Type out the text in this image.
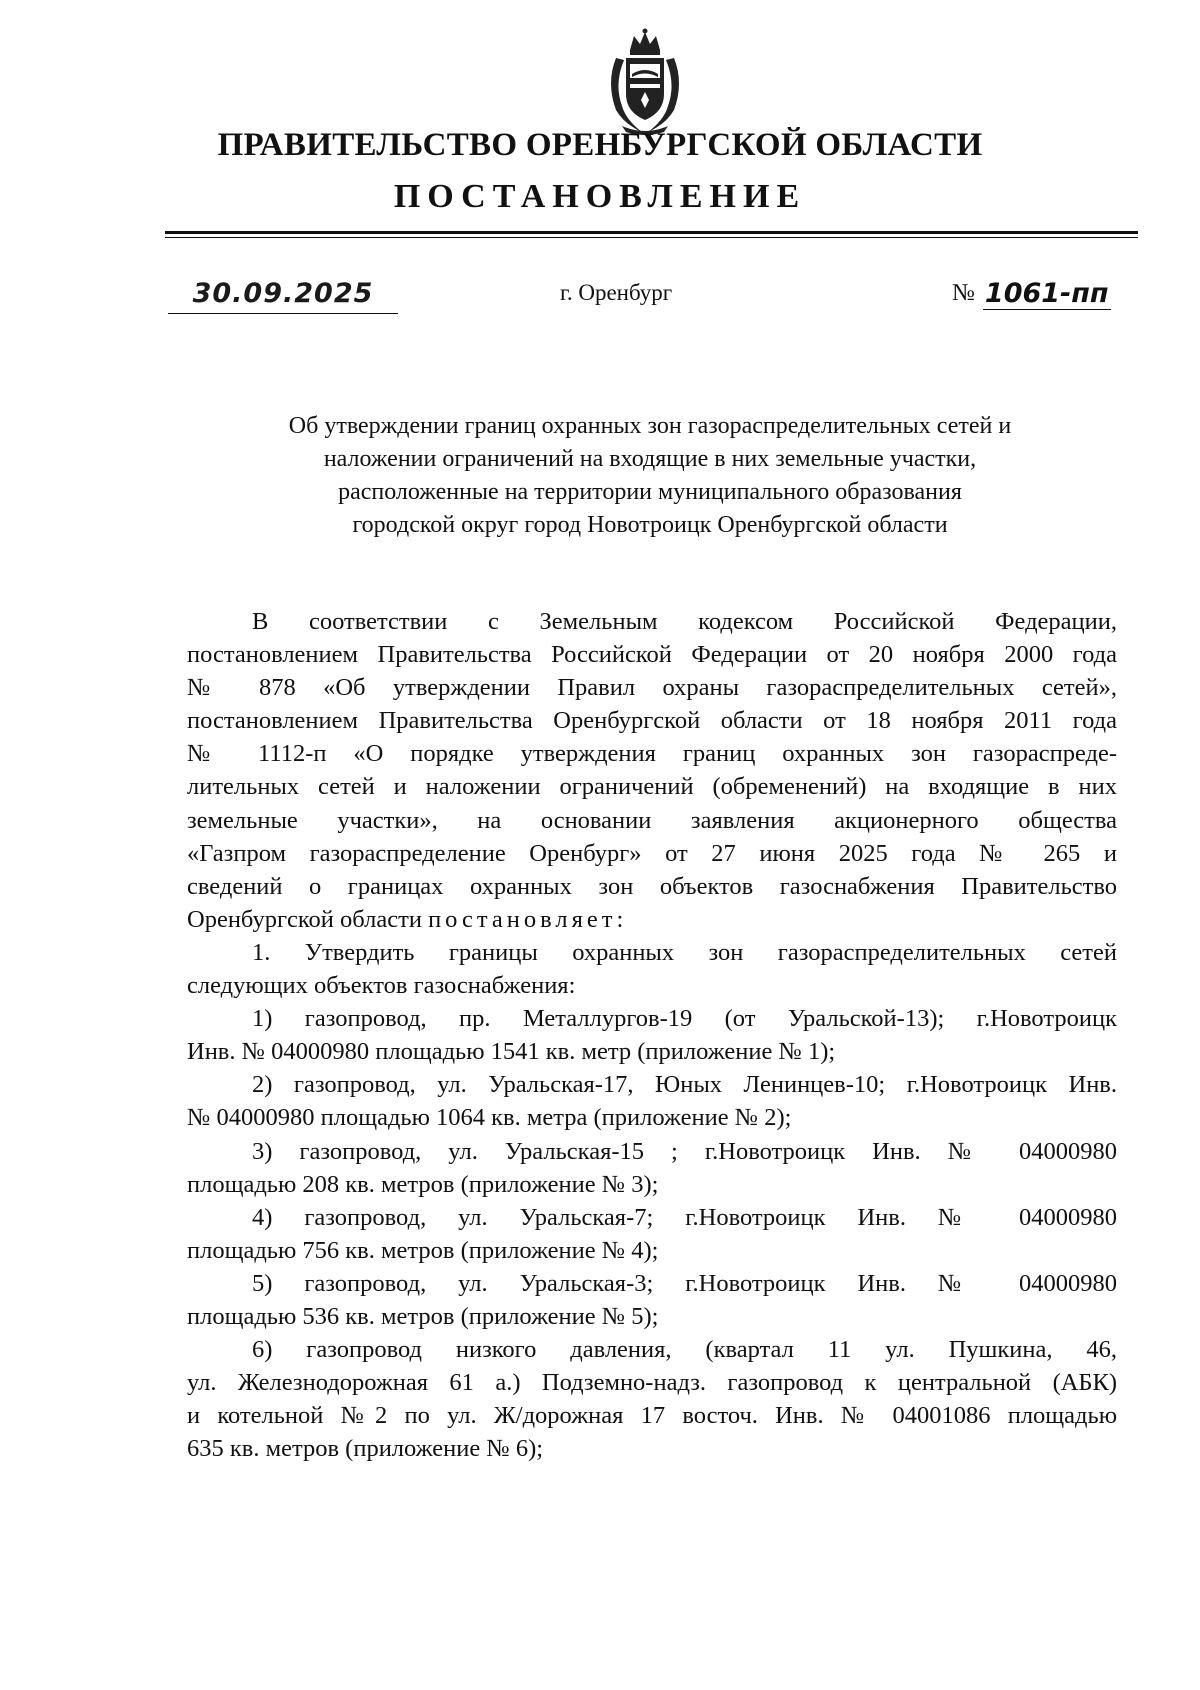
ПРАВИТЕЛЬСТВО ОРЕНБУРГСКОЙ ОБЛАСТИ
ПОСТАНОВЛЕНИЕ
30.09.2025	г. Оренбург	№ 1061-пп
Об утверждении границ охранных зон газораспределительных сетей и
наложении ограничений на входящие в них земельные участки,
расположенные на территории муниципального образования
городской округ город Новотроицк Оренбургской области
В соответствии с Земельным кодексом Российской Федерации,
постановлением Правительства Российской Федерации от 20 ноября 2000 года
№ 878 «Об утверждении Правил охраны газораспределительных сетей»,
постановлением Правительства Оренбургской области от 18 ноября 2011 года
№ 1112-п «О порядке утверждения границ охранных зон газораспреде-
лительных сетей и наложении ограничений (обременений) на входящие в них
земельные участки», на основании заявления акционерного общества
«Газпром газораспределение Оренбург» от 27 июня 2025 года № 265 и
сведений о границах охранных зон объектов газоснабжения Правительство
Оренбургской области постановляет:
1. Утвердить границы охранных зон газораспределительных сетей
следующих объектов газоснабжения:
1) газопровод, пр. Металлургов-19 (от Уральской-13); г.Новотроицк
Инв. № 04000980 площадью 1541 кв. метр (приложение № 1);
2) газопровод, ул. Уральская-17, Юных Ленинцев-10; г.Новотроицк Инв.
№ 04000980 площадью 1064 кв. метра (приложение № 2);
3) газопровод, ул. Уральская-15 ; г.Новотроицк Инв. № 04000980
площадью 208 кв. метров (приложение № 3);
4) газопровод, ул. Уральская-7; г.Новотроицк Инв. № 04000980
площадью 756 кв. метров (приложение № 4);
5) газопровод, ул. Уральская-3; г.Новотроицк Инв. № 04000980
площадью 536 кв. метров (приложение № 5);
6) газопровод низкого давления, (квартал 11 ул. Пушкина, 46,
ул. Железнодорожная 61 а.) Подземно-надз. газопровод к центральной (АБК)
и котельной №2 по ул. Ж/дорожная 17 восточ. Инв. № 04001086 площадью
635 кв. метров (приложение № 6);
